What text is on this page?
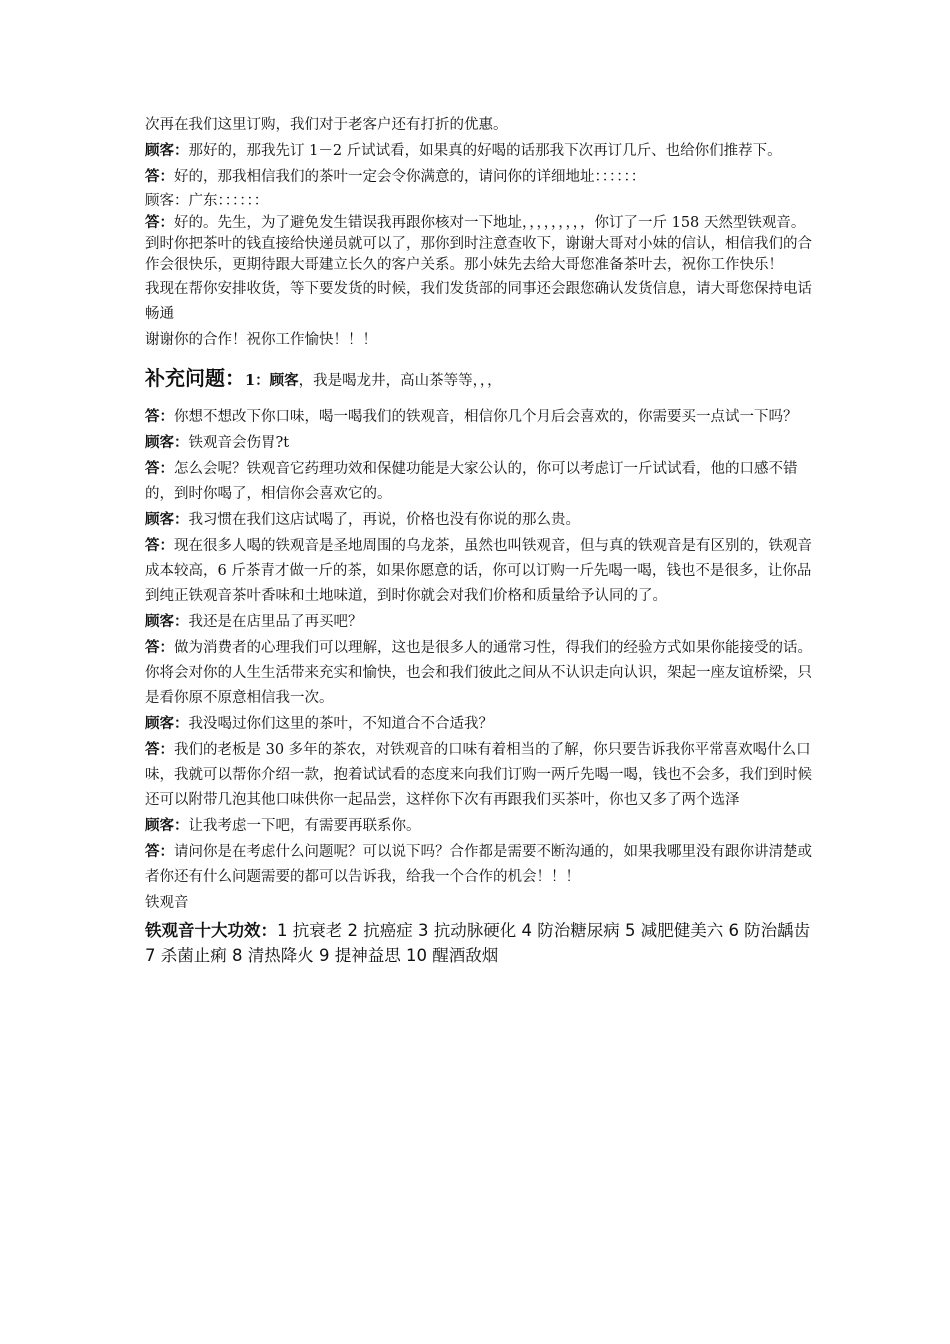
次再在我们这里订购，我们对于老客户还有打折的优惠。

顾客：那好的，那我先订 1－2 斤试试看，如果真的好喝的话那我下次再订几斤、也给你们推荐下。

答：好的，那我相信我们的茶叶一定会令你满意的，请问你的详细地址：：：：：：

顾客：广东：：：：：：

答：好的。先生，为了避免发生错误我再跟你核对一下地址，，，，，，，，，你订了一斤 158 天然型铁观音。到时你把茶叶的钱直接给快递员就可以了，那你到时注意查收下，谢谢大哥对小妹的信认，相信我们的合作会很快乐，更期待跟大哥建立长久的客户关系。那小妹先去给大哥您准备茶叶去，祝你工作快乐！

我现在帮你安排收货，等下要发货的时候，我们发货部的同事还会跟您确认发货信息，请大哥您保持电话畅通

谢谢你的合作！祝你工作愉快！！！

补充问题：1：顾客，我是喝龙井，高山茶等等，，，

答：你想不想改下你口味，喝一喝我们的铁观音，相信你几个月后会喜欢的，你需要买一点试一下吗？

顾客：铁观音会伤胃?t

答：怎么会呢？铁观音它药理功效和保健功能是大家公认的，你可以考虑订一斤试试看，他的口感不错的，到时你喝了，相信你会喜欢它的。

顾客：我习惯在我们这店试喝了，再说，价格也没有你说的那么贵。

答：现在很多人喝的铁观音是圣地周围的乌龙茶，虽然也叫铁观音，但与真的铁观音是有区别的，铁观音成本较高，6 斤茶青才做一斤的茶，如果你愿意的话，你可以订购一斤先喝一喝，钱也不是很多，让你品到纯正铁观音茶叶香味和土地味道，到时你就会对我们价格和质量给予认同的了。

顾客：我还是在店里品了再买吧？

答：做为消费者的心理我们可以理解，这也是很多人的通常习性，得我们的经验方式如果你能接受的话。你将会对你的人生生活带来充实和愉快，也会和我们彼此之间从不认识走向认识，架起一座友谊桥梁，只是看你原不原意相信我一次。

顾客：我没喝过你们这里的茶叶，不知道合不合适我？

答：我们的老板是 30 多年的茶农，对铁观音的口味有着相当的了解，你只要告诉我你平常喜欢喝什么口味，我就可以帮你介绍一款，抱着试试看的态度来向我们订购一两斤先喝一喝，钱也不会多，我们到时候还可以附带几泡其他口味供你一起品尝，这样你下次有再跟我们买茶叶，你也又多了两个选泽

顾客：让我考虑一下吧，有需要再联系你。

答：请问你是在考虑什么问题呢？可以说下吗？合作都是需要不断沟通的，如果我哪里没有跟你讲清楚或者你还有什么问题需要的都可以告诉我，给我一个合作的机会！！！

铁观音

铁观音十大功效：1 抗衰老 2 抗癌症 3 抗动脉硬化 4 防治糖尿病 5 减肥健美六 6 防治龋齿 7 杀菌止痢 8 清热降火 9 提神益思 10 醒酒敌烟
